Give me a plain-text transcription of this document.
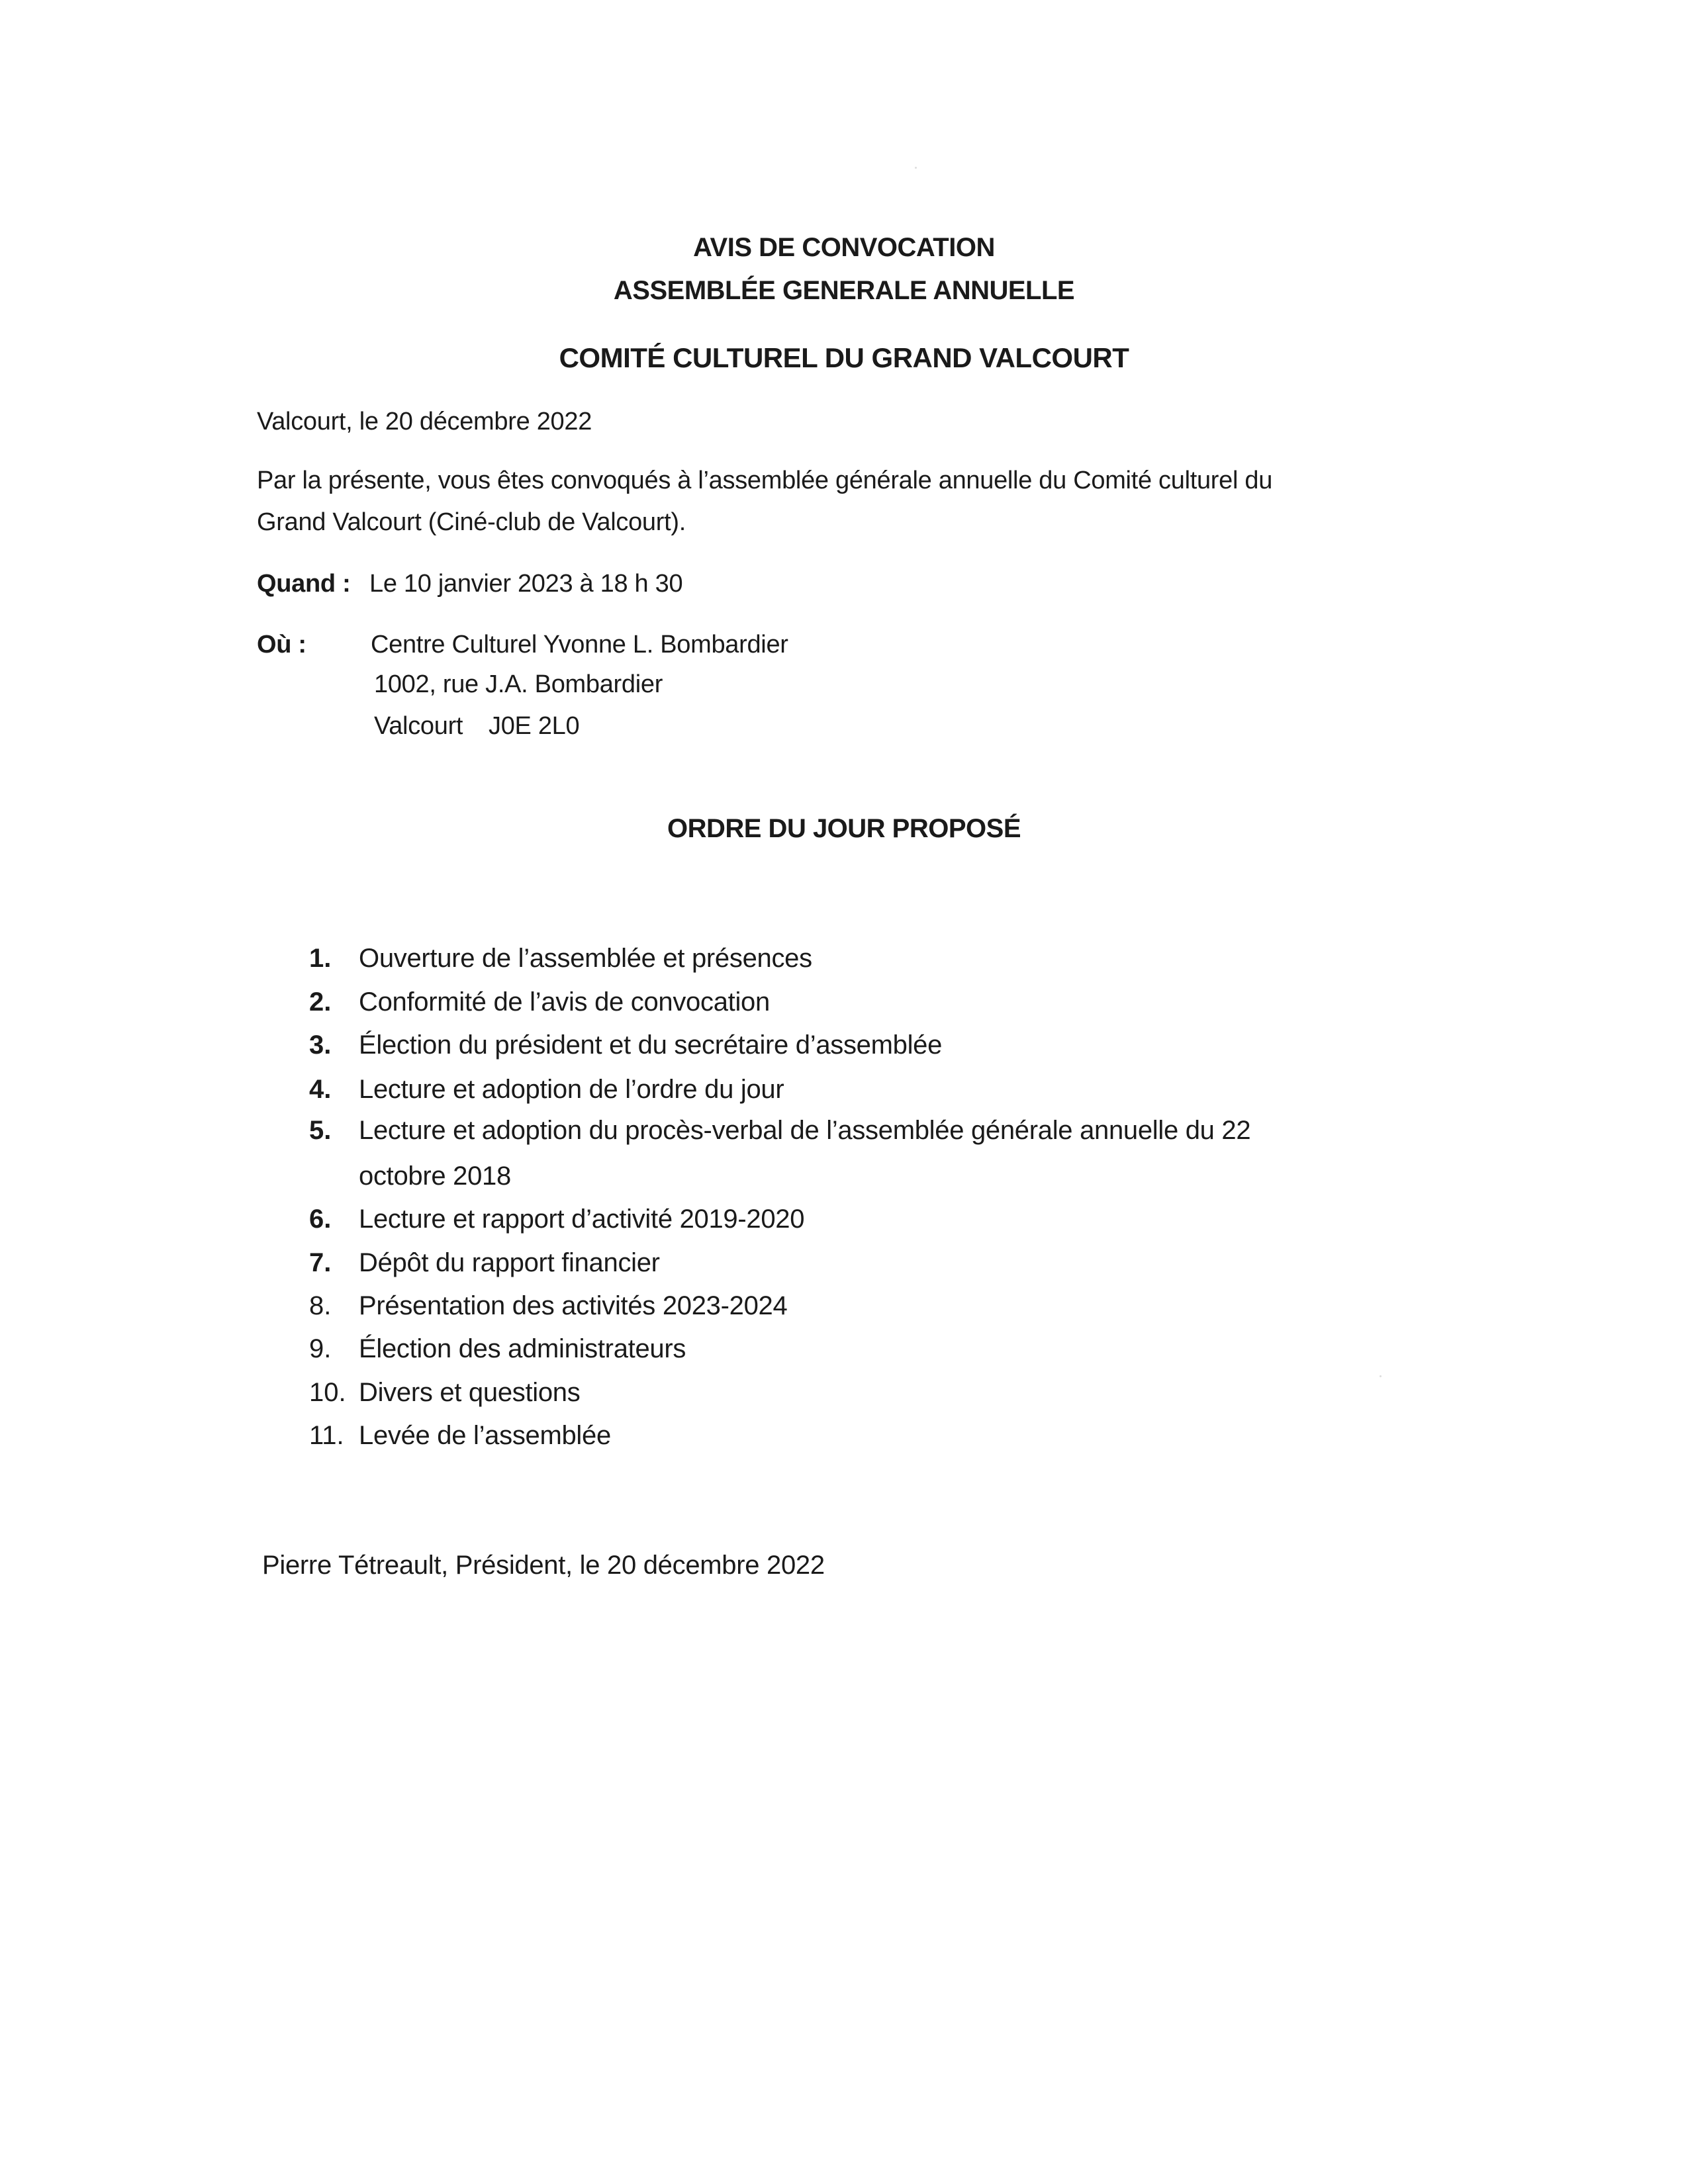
AVIS DE CONVOCATION
ASSEMBLÉE GENERALE ANNUELLE
COMITÉ CULTUREL DU GRAND VALCOURT
Valcourt, le 20 décembre 2022
Par la présente, vous êtes convoqués à l’assemblée générale annuelle du Comité culturel du
Grand Valcourt (Ciné-club de Valcourt).
Quand : Le 10 janvier 2023 à 18 h 30
Où :	Centre Culturel Yvonne L. Bombardier
1002, rue J.A. Bombardier
Valcourt J0E 2L0
ORDRE DU JOUR PROPOSÉ
1. Ouverture de l’assemblée et présences
2. Conformité de l’avis de convocation
3. Élection du président et du secrétaire d’assemblée
4. Lecture et adoption de l’ordre du jour
5. Lecture et adoption du procès-verbal de l’assemblée générale annuelle du 22
octobre 2018
6. Lecture et rapport d’activité 2019-2020
7. Dépôt du rapport financier
8. Présentation des activités 2023-2024
9. Élection des administrateurs
10. Divers et questions
11. Levée de l’assemblée
Pierre Tétreault, Président, le 20 décembre 2022
